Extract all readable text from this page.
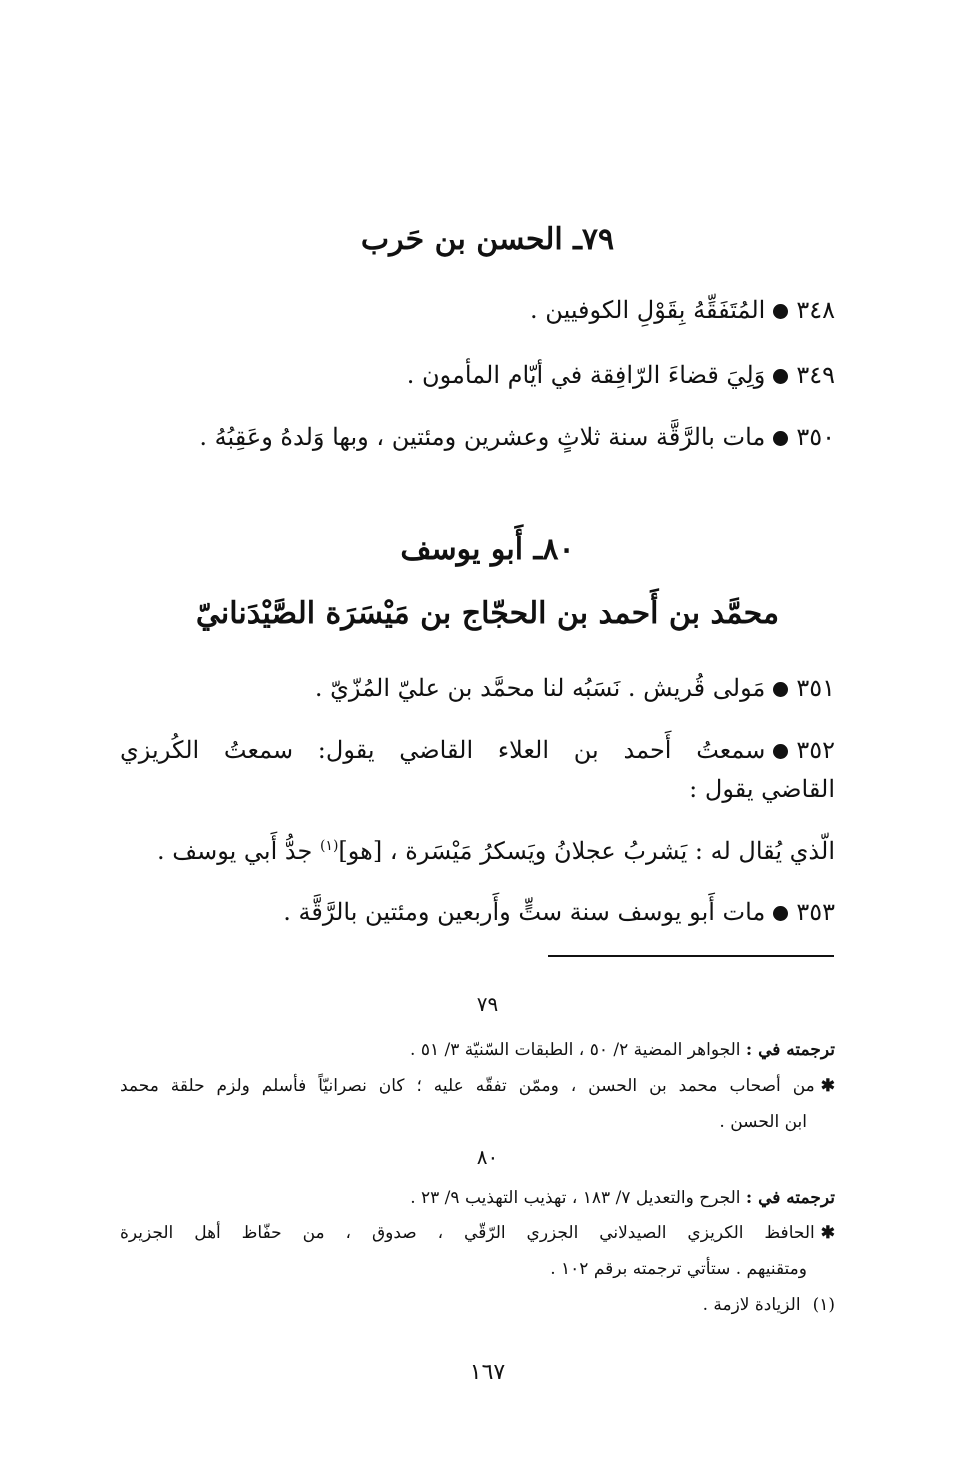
٧٩ـ الحسن بن حَرب
٣٤٨المُتَفَقِّهُ بِقَوْلِ الكوفيين .
٣٤٩وَلِيَ قضاءَ الرّافِقة في أيّام المأمون .
٣٥٠مات بالرَّقَّة سنة ثلاثٍ وعشرين ومئتين ، وبها وَلدهُ وعَقِبُهُ .
٨٠ـ أَبو يوسف
محمَّد بن أَحمد بن الحجّاج بن مَيْسَرَة الصَّيْدَنانيّ
٣٥١مَولى قُريش . نَسَبُه لنا محمَّد بن عليّ المُزّيّ .
٣٥٢سمعتُ أَحمد بن العلاء القاضي يقول: سمعتُ الكُريزي
القاضي يقول :
الّذي يُقال له : يَشربُ عجلانُ ويَسكرُ مَيْسَرة ، [هو]$^{(١)}$ جدُّ أَبي يوسف .
٣٥٣مات أَبو يوسف سنة ستٍّ وأَربعين ومئتين بالرَّقَّة .
٧٩
ترجمته في : الجواهر المضية ٢/ ٥٠ ، الطبقات السّنيّة ٣/ ٥١ .
✱من أصحاب محمد بن الحسن ، وممّن تفقّه عليه ؛ كان نصرانيّاً فأسلم ولزم حلقة محمد
ابن الحسن .
٨٠
ترجمته في : الجرح والتعديل ٧/ ١٨٣ ، تهذيب التهذيب ٩/ ٢٣ .
✱الحافظ الكريزي الصيدلاني الجزري الرّقّي ، صدوق ، من حفّاظ أهل الجزيرة
ومتقنيهم . ستأتي ترجمته برقم ١٠٢ .
(١)الزيادة لازمة .
١٦٧
